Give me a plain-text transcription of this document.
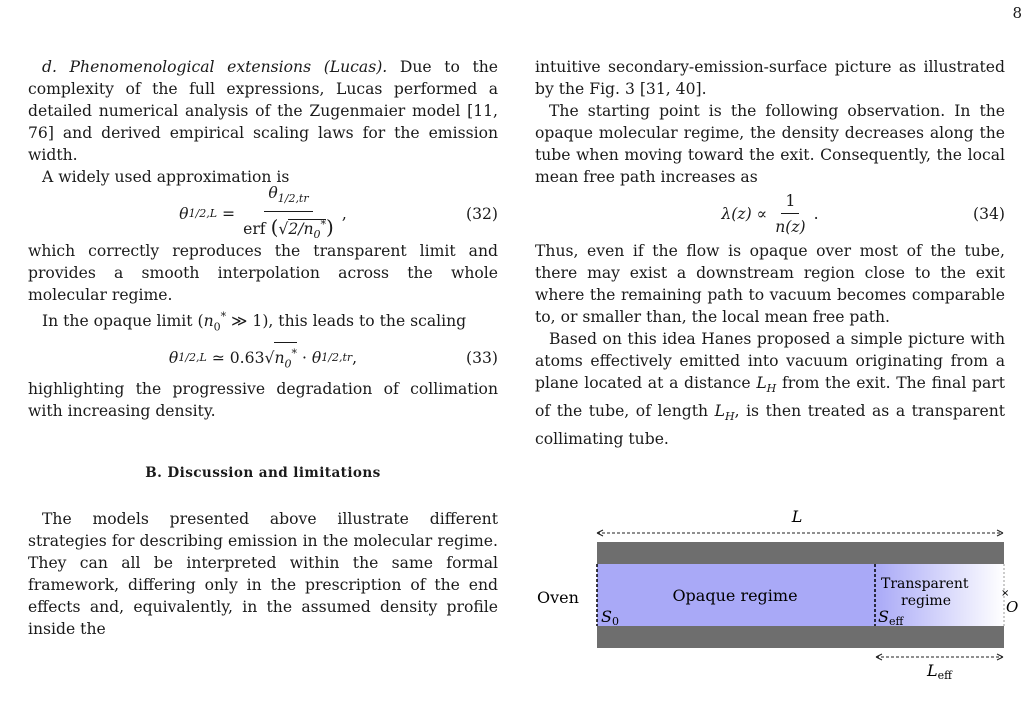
8

d. Phenomenological extensions (Lucas). Due to the complexity of the full expressions, Lucas performed a detailed numerical analysis of the Zugenmaier model [11, 76] and derived empirical scaling laws for the emission width.

A widely used approximation is

θ 1/2,L
= $\frac{\theta_{1/2,tr}}{erf (√2/n_0^*)}$ ,	(32)

which correctly reproduces the transparent limit and provides a smooth interpolation across the whole molecular regime.

In the opaque limit ($n_0^*$ ≫ 1), this leads to the scaling

θ 1/2,L
≃ 0.63 √ $n_0^*$
· θ 1/2,tr ,	(33)

highlighting the progressive degradation of collimation with increasing density.

B. Discussion and limitations

The models presented above illustrate different strategies for describing emission in the molecular regime. They can all be interpreted within the same formal framework, differing only in the prescription of the end effects and, equivalently, in the assumed density profile inside the

intuitive secondary-emission-surface picture as illustrated by the Fig. 3 [31, 40].

The starting point is the following observation. In the opaque molecular regime, the density decreases along the tube when moving toward the exit. Consequently, the local mean free path increases as

$\lambda(z) \propto \frac{1}{n(z)}$ .	(34)

Thus, even if the flow is opaque over most of the tube, there may exist a downstream region close to the exit where the remaining path to vacuum becomes comparable to, or smaller than, the local mean free path.

Based on this idea Hanes proposed a simple picture with atoms effectively emitted into vacuum originating from a plane located at a distance $L_H$ from the exit. The final part of the tube, of length $L_H$, is then treated as a transparent collimating tube.

L
Oven	Opaque regime
Transparent
regime
S0	Seff
×
O
Leff
